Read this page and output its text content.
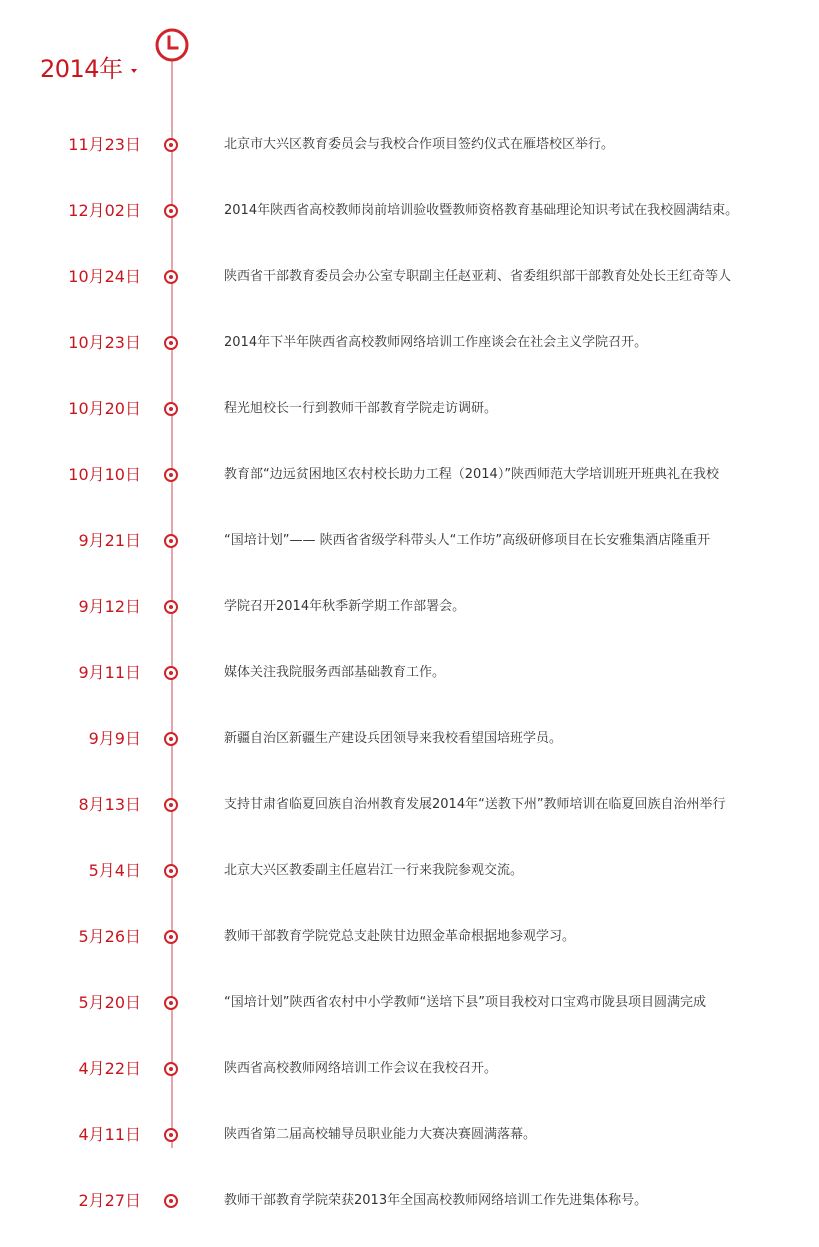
2014年
11月23日	北京市大兴区教育委员会与我校合作项目签约仪式在雁塔校区举行。
12月02日	2014年陕西省高校教师岗前培训验收暨教师资格教育基础理论知识考试在我校圆满结束。
10月24日	陕西省干部教育委员会办公室专职副主任赵亚莉、省委组织部干部教育处处长王红奇等人
10月23日	2014年下半年陕西省高校教师网络培训工作座谈会在社会主义学院召开。
10月20日	程光旭校长一行到教师干部教育学院走访调研。
10月10日	教育部“边远贫困地区农村校长助力工程（2014）”陕西师范大学培训班开班典礼在我校
9月21日	“国培计划”—— 陕西省省级学科带头人“工作坊”高级研修项目在长安雅集酒店隆重开
9月12日	学院召开2014年秋季新学期工作部署会。
9月11日	媒体关注我院服务西部基础教育工作。
9月9日	新疆自治区新疆生产建设兵团领导来我校看望国培班学员。
8月13日	支持甘肃省临夏回族自治州教育发展2014年“送教下州”教师培训在临夏回族自治州举行
5月4日	北京大兴区教委副主任扈岩江一行来我院参观交流。
5月26日	教师干部教育学院党总支赴陕甘边照金革命根据地参观学习。
5月20日	“国培计划”陕西省农村中小学教师“送培下县”项目我校对口宝鸡市陇县项目圆满完成
4月22日	陕西省高校教师网络培训工作会议在我校召开。
4月11日	陕西省第二届高校辅导员职业能力大赛决赛圆满落幕。
2月27日	教师干部教育学院荣获2013年全国高校教师网络培训工作先进集体称号。
